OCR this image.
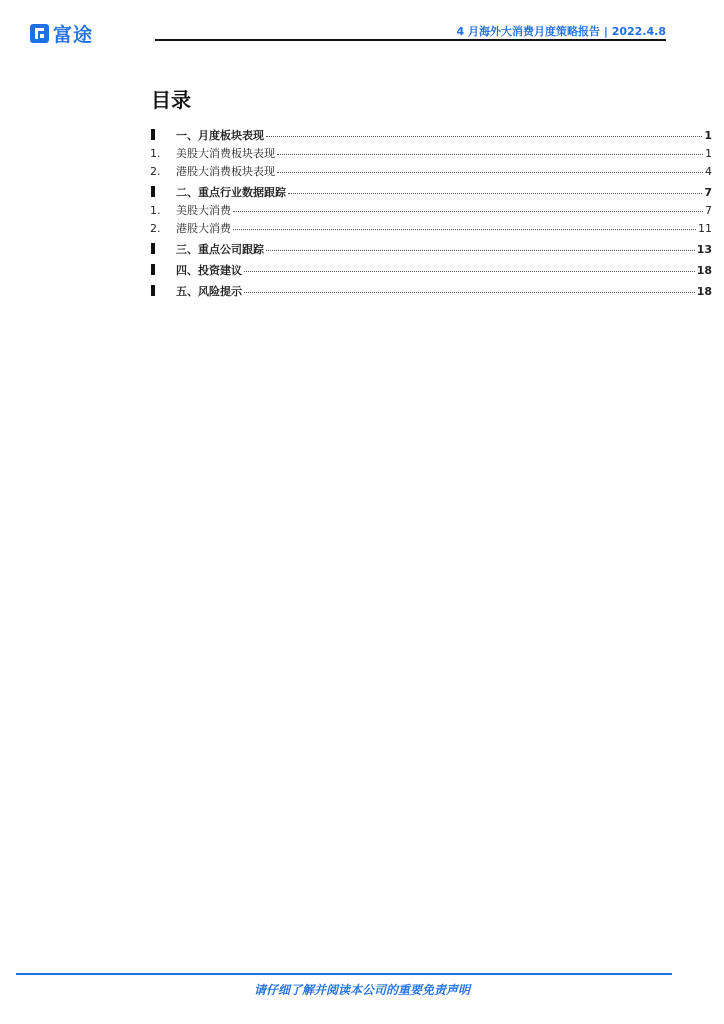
富途	4 月海外大消费月度策略报告 | 2022.4.8
目录
一、月度板块表现	1
1.	美股大消费板块表现	1
2.	港股大消费板块表现	4
二、重点行业数据跟踪	7
1.	美股大消费	7
2.	港股大消费	11
三、重点公司跟踪	13
四、投资建议	18
五、风险提示	18
请仔细了解并阅读本公司的重要免责声明
